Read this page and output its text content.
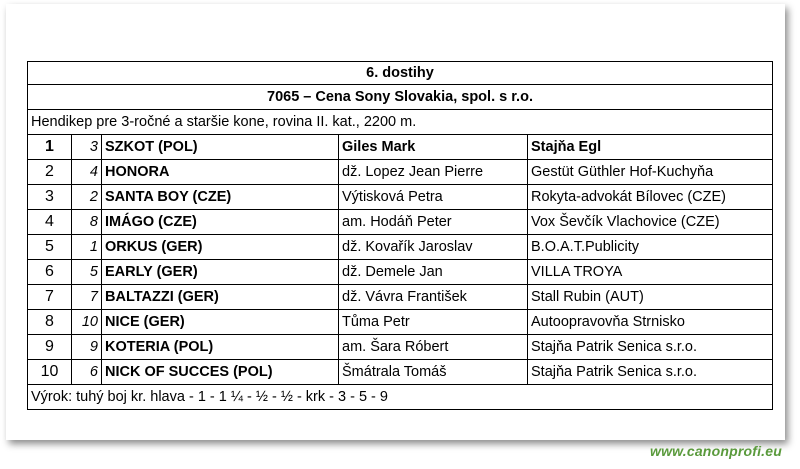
6. dostihy				
7065 – Cena Sony Slovakia, spol. s r.o.				
Hendikep pre 3-ročné a staršie kone, rovina II. kat., 2200 m.				
1	3	SZKOT (POL)	Giles Mark	Stajňa Egl
2	4	HONORA	dž. Lopez Jean Pierre	Gestüt Güthler Hof-Kuchyňa
3	2	SANTA BOY (CZE)	Výtisková Petra	Rokyta-advokát Bílovec (CZE)
4	8	IMÁGO (CZE)	am. Hodáň Peter	Vox Ševčík Vlachovice (CZE)
5	1	ORKUS (GER)	dž. Kovařík Jaroslav	B.O.A.T.Publicity
6	5	EARLY (GER)	dž. Demele Jan	VILLA TROYA
7	7	BALTAZZI (GER)	dž. Vávra František	Stall Rubin (AUT)
8	10	NICE (GER)	Tůma Petr	Autoopravovňa Strnisko
9	9	KOTERIA (POL)	am. Šara Róbert	Stajňa Patrik Senica s.r.o.
10	6	NICK OF SUCCES (POL)	Šmátrala Tomáš	Stajňa Patrik Senica s.r.o.
Výrok: tuhý boj kr. hlava - 1 - 1 ¼ - ½ - ½ - krk - 3 - 5 - 9				
www.canonprofi.eu
